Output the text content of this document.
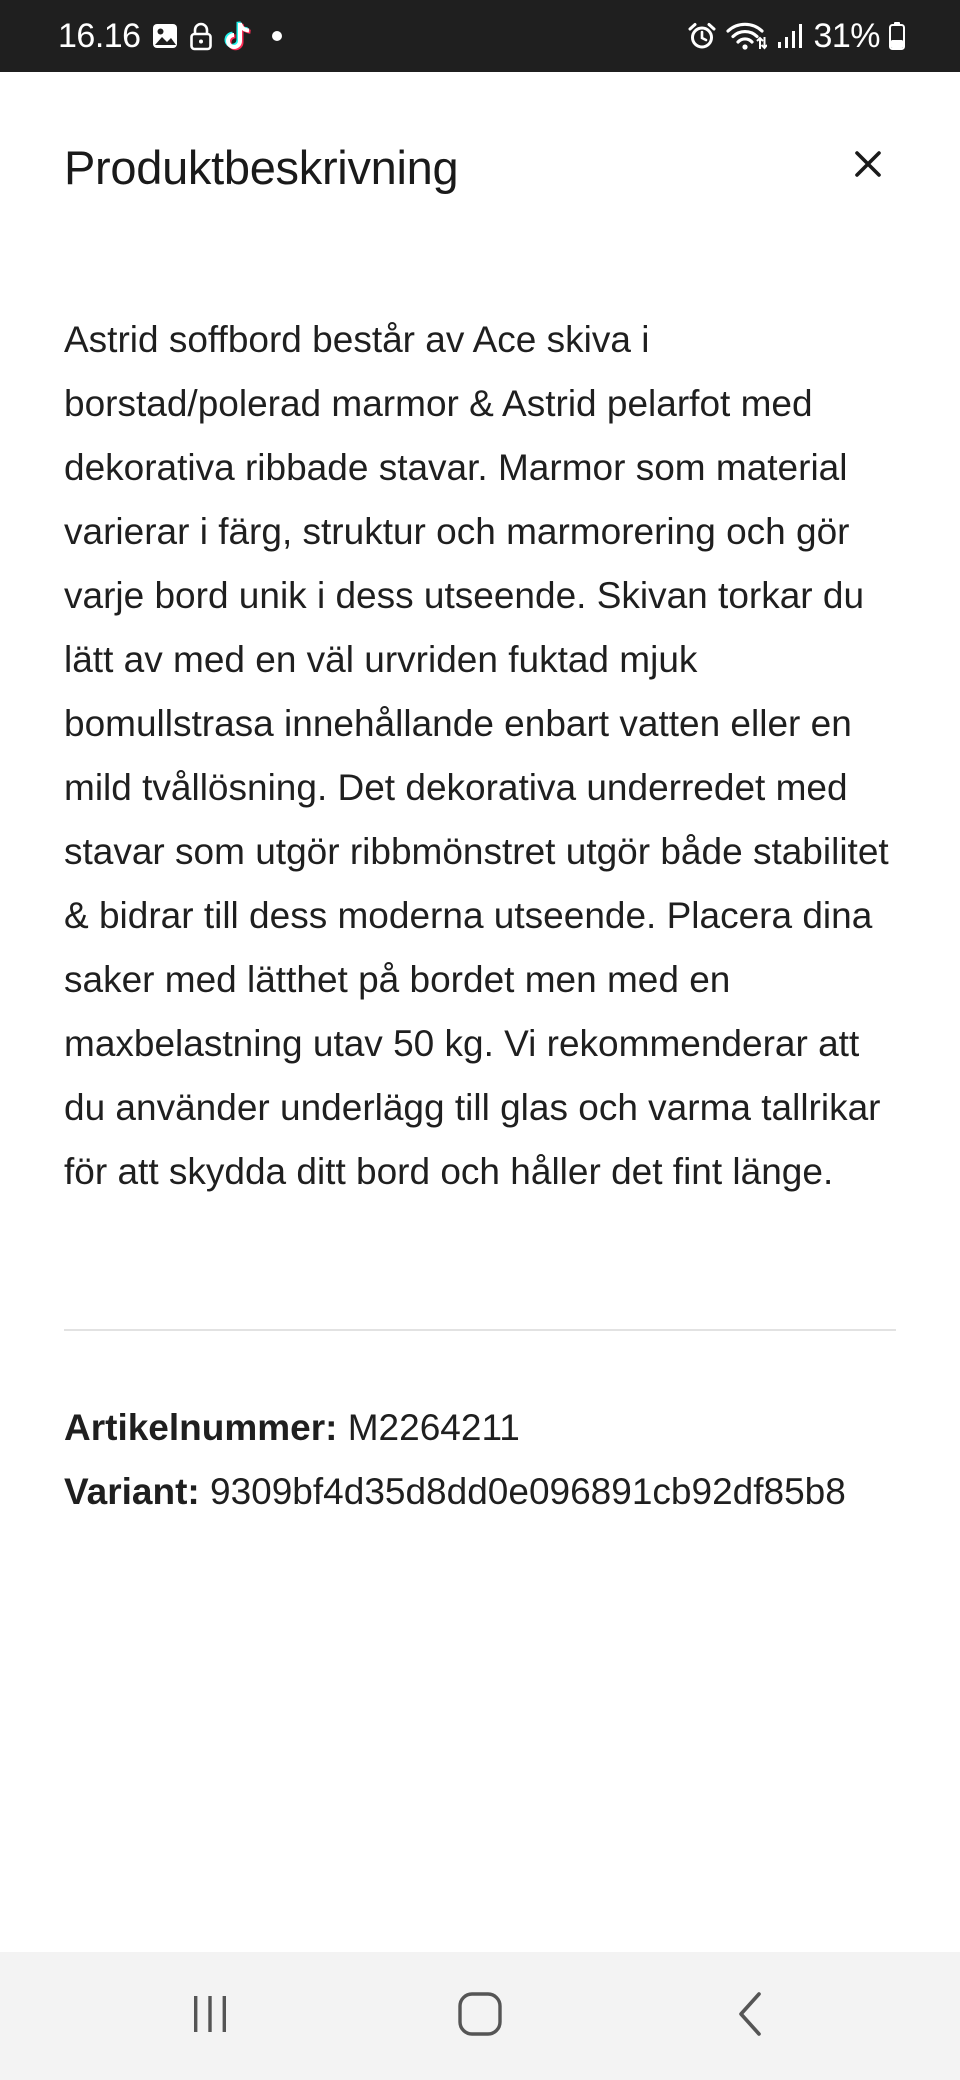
16.16	31%
Produktbeskrivning

Astrid soffbord består av Ace skiva i borstad/polerad marmor & Astrid pelarfot med dekorativa ribbade stavar. Marmor som material varierar i färg, struktur och marmorering och gör varje bord unik i dess utseende. Skivan torkar du lätt av med en väl urvriden fuktad mjuk bomullstrasa innehållande enbart vatten eller en mild tvållösning. Det dekorativa underredet med stavar som utgör ribbmönstret utgör både stabilitet & bidrar till dess moderna utseende. Placera dina saker med lätthet på bordet men med en maxbelastning utav 50 kg. Vi rekommenderar att du använder underlägg till glas och varma tallrikar för att skydda ditt bord och håller det fint länge.

Artikelnummer: M2264211
Variant: 9309bf4d35d8dd0e096891cb92df85b8
